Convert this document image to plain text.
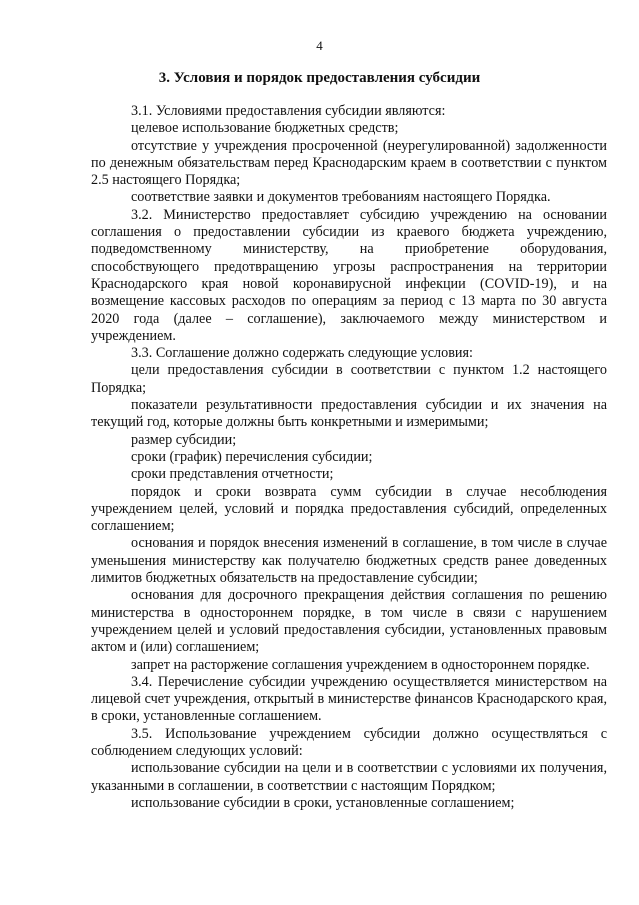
4
3. Условия и порядок предоставления субсидии

3.1. Условиями предоставления субсидии являются:

целевое использование бюджетных средств;

отсутствие у учреждения просроченной (неурегулированной) задолженности по денежным обязательствам перед Краснодарским краем в соответствии с пунктом 2.5 настоящего Порядка;

соответствие заявки и документов требованиям настоящего Порядка.

3.2. Министерство предоставляет субсидию учреждению на основании соглашения о предоставлении субсидии из краевого бюджета учреждению, подведомственному министерству, на приобретение оборудования, способствующего предотвращению угрозы распространения на территории Краснодарского края новой коронавирусной инфекции (COVID-19), и на возмещение кассовых расходов по операциям за период с 13 марта по 30 августа 2020 года (далее – соглашение), заключаемого между министерством и учреждением.

3.3. Соглашение должно содержать следующие условия:

цели предоставления субсидии в соответствии с пунктом 1.2 настоящего Порядка;

показатели результативности предоставления субсидии и их значения на текущий год, которые должны быть конкретными и измеримыми;

размер субсидии;

сроки (график) перечисления субсидии;

сроки представления отчетности;

порядок и сроки возврата сумм субсидии в случае несоблюдения учреждением целей, условий и порядка предоставления субсидий, определенных соглашением;

основания и порядок внесения изменений в соглашение, в том числе в случае уменьшения министерству как получателю бюджетных средств ранее доведенных лимитов бюджетных обязательств на предоставление субсидии;

основания для досрочного прекращения действия соглашения по решению министерства в одностороннем порядке, в том числе в связи с нарушением учреждением целей и условий предоставления субсидии, установленных правовым актом и (или) соглашением;

запрет на расторжение соглашения учреждением в одностороннем порядке.

3.4. Перечисление субсидии учреждению осуществляется министерством на лицевой счет учреждения, открытый в министерстве финансов Краснодарского края, в сроки, установленные соглашением.

3.5. Использование учреждением субсидии должно осуществляться с соблюдением следующих условий:

использование субсидии на цели и в соответствии с условиями их получения, указанными в соглашении, в соответствии с настоящим Порядком;

использование субсидии в сроки, установленные соглашением;
